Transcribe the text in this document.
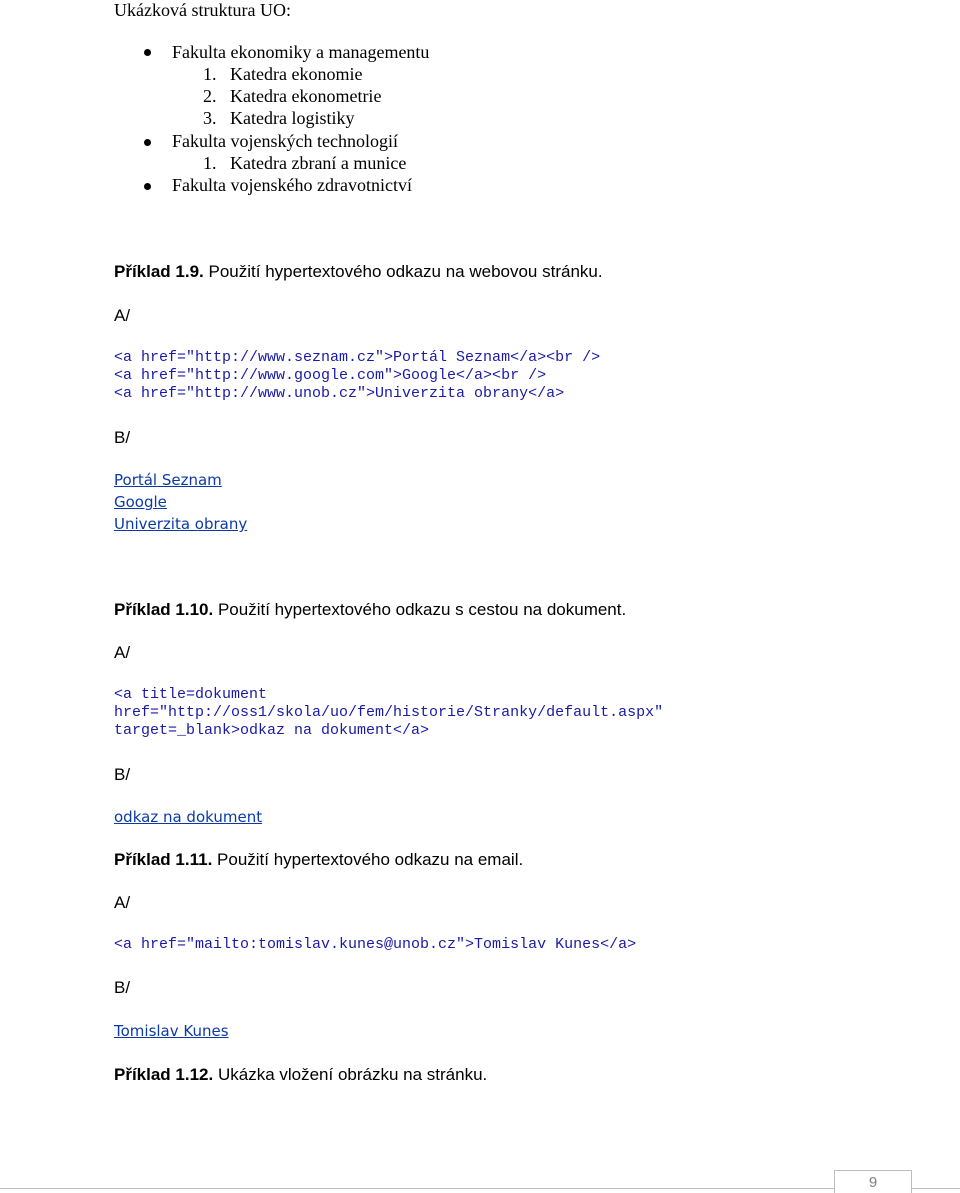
Ukázková struktura UO:
Fakulta ekonomiky a managementu
1. Katedra ekonomie
2. Katedra ekonometrie
3. Katedra logistiky
Fakulta vojenských technologií
1. Katedra zbraní a munice
Fakulta vojenského zdravotnictví
Příklad 1.9. Použití hypertextového odkazu na webovou stránku.
A/
<a href="http://www.seznam.cz">Portál Seznam</a><br />
<a href="http://www.google.com">Google</a><br />
<a href="http://www.unob.cz">Univerzita obrany</a>
B/
Portál Seznam
Google
Univerzita obrany
Příklad 1.10. Použití hypertextového odkazu s cestou na dokument.
A/
<a title=dokument
href="http://oss1/skola/uo/fem/historie/Stranky/default.aspx"
target=_blank>odkaz na dokument</a>
B/
odkaz na dokument
Příklad 1.11. Použití hypertextového odkazu na email.
A/
<a href="mailto:tomislav.kunes@unob.cz">Tomislav Kunes</a>
B/
Tomislav Kunes
Příklad 1.12. Ukázka vložení obrázku na stránku.
9
